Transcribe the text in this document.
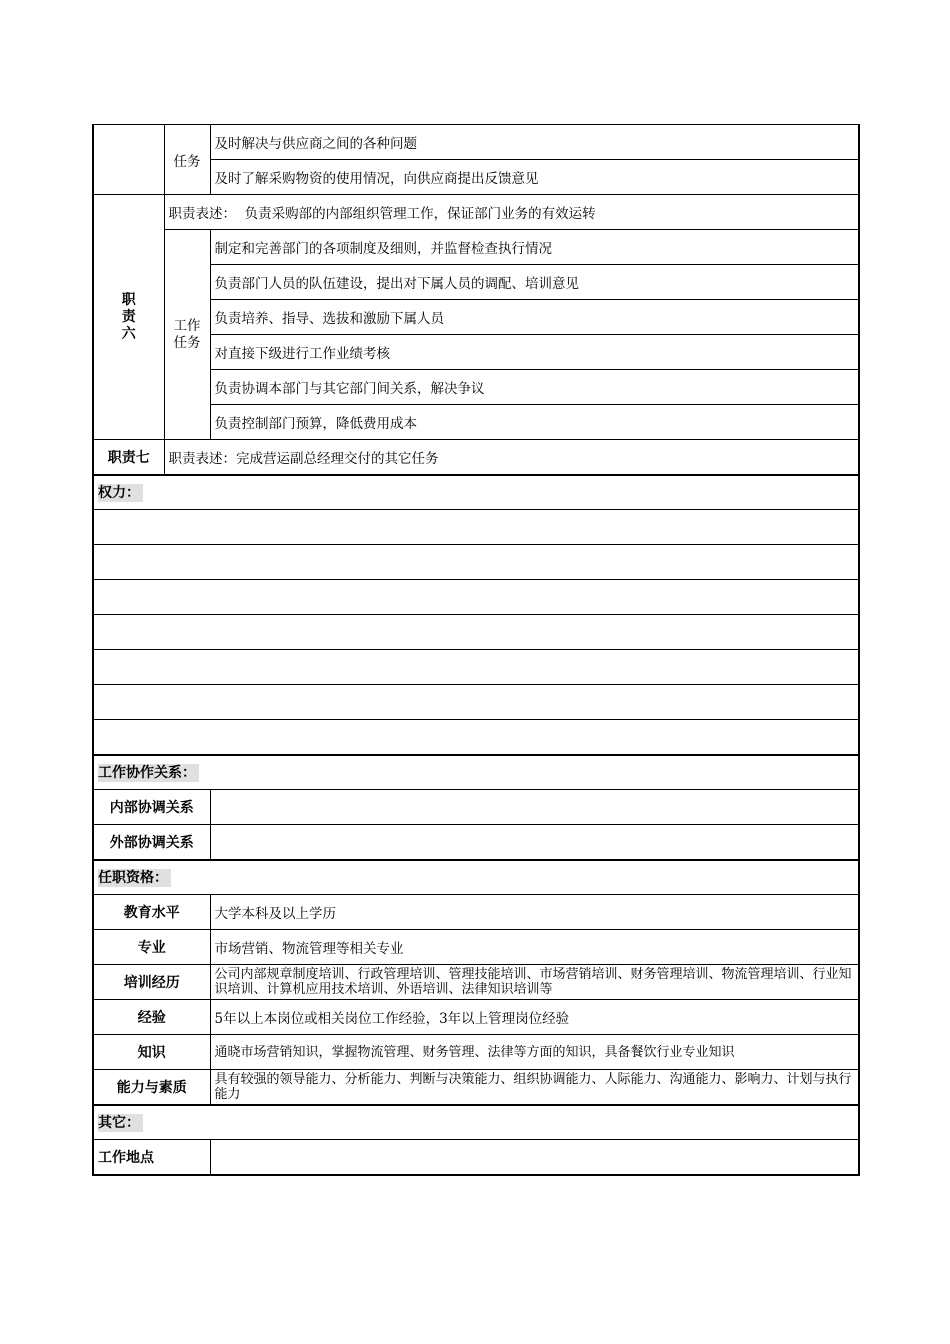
	任务	及时解决与供应商之间的各种问题
		及时了解采购物资的使用情况，向供应商提出反馈意见
职
责
六	职责表述：  负责采购部的内部组织管理工作，保证部门业务的有效运转	
	工作
任务	制定和完善部门的各项制度及细则，并监督检查执行情况
		负责部门人员的队伍建设，提出对下属人员的调配、培训意见
		负责培养、指导、选拔和激励下属人员
		对直接下级进行工作业绩考核
		负责协调本部门与其它部门间关系，解决争议
		负责控制部门预算，降低费用成本
职责七	职责表述：完成营运副总经理交付的其它任务	
权力：		

工作协作关系：		
内部协调关系		
外部协调关系		
任职资格：		
教育水平		大学本科及以上学历
专业		市场营销、物流管理等相关专业
培训经历		公司内部规章制度培训、行政管理培训、管理技能培训、市场营销培训、财务管理培训、物流管理培训、行业知识培训、计算机应用技术培训、外语培训、法律知识培训等
经验		5年以上本岗位或相关岗位工作经验，3年以上管理岗位经验
知识		通晓市场营销知识，掌握物流管理、财务管理、法律等方面的知识，具备餐饮行业专业知识
能力与素质		具有较强的领导能力、分析能力、判断与决策能力、组织协调能力、人际能力、沟通能力、影响力、计划与执行能力
其它：		
工作地点		
